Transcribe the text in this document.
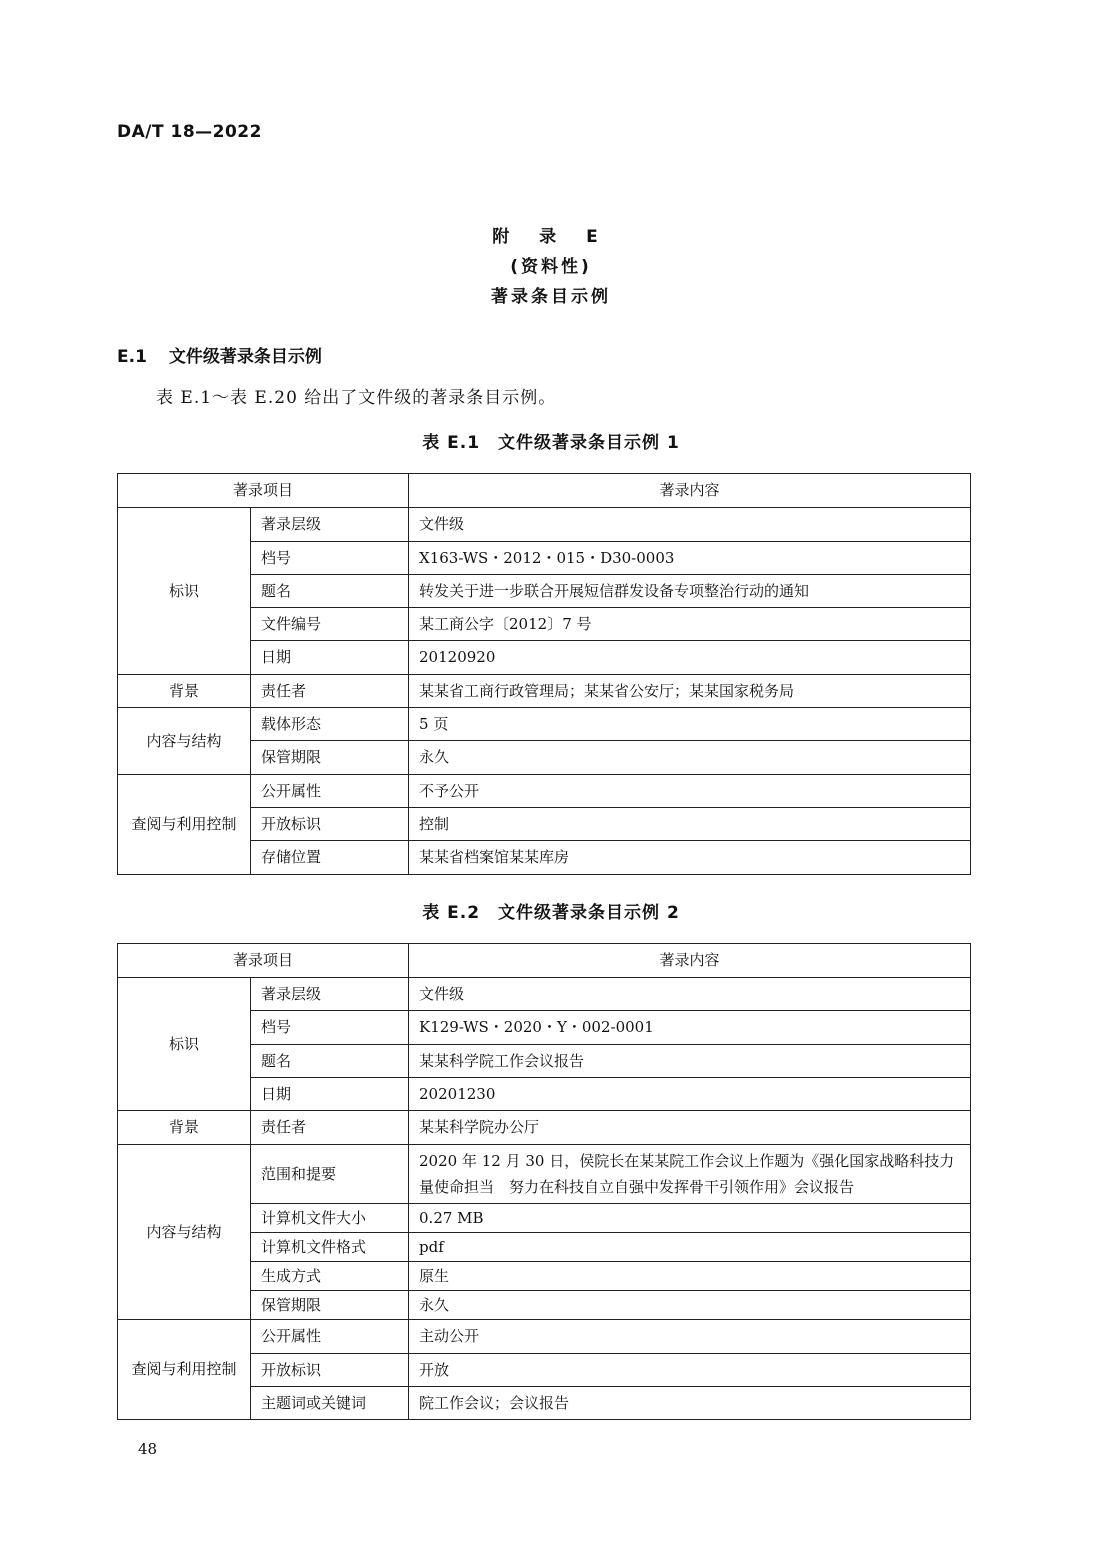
DA/T 18—2022
附 录 E
(资料性)
著录条目示例
E.1 文件级著录条目示例
表 E.1～表 E.20 给出了文件级的著录条目示例。
表 E.1　文件级著录条目示例 1
著录项目		著录内容
标识	著录层级	文件级
	档号	X163-WS・2012・015・D30-0003
	题名	转发关于进一步联合开展短信群发设备专项整治行动的通知
	文件编号	某工商公字〔2012〕7 号
	日期	20120920
背景	责任者	某某省工商行政管理局；某某省公安厅；某某国家税务局
内容与结构	载体形态	5 页
	保管期限	永久
查阅与利用控制	公开属性	不予公开
	开放标识	控制
	存储位置	某某省档案馆某某库房
表 E.2　文件级著录条目示例 2
著录项目		著录内容
标识	著录层级	文件级
	档号	K129-WS・2020・Y・002-0001
	题名	某某科学院工作会议报告
	日期	20201230
背景	责任者	某某科学院办公厅
内容与结构	范围和提要	2020 年 12 月 30 日，侯院长在某某院工作会议上作题为《强化国家战略科技力量使命担当　努力在科技自立自强中发挥骨干引领作用》会议报告
	计算机文件大小	0.27 MB
	计算机文件格式	pdf
	生成方式	原生
	保管期限	永久
查阅与利用控制	公开属性	主动公开
	开放标识	开放
	主题词或关键词	院工作会议；会议报告
48
